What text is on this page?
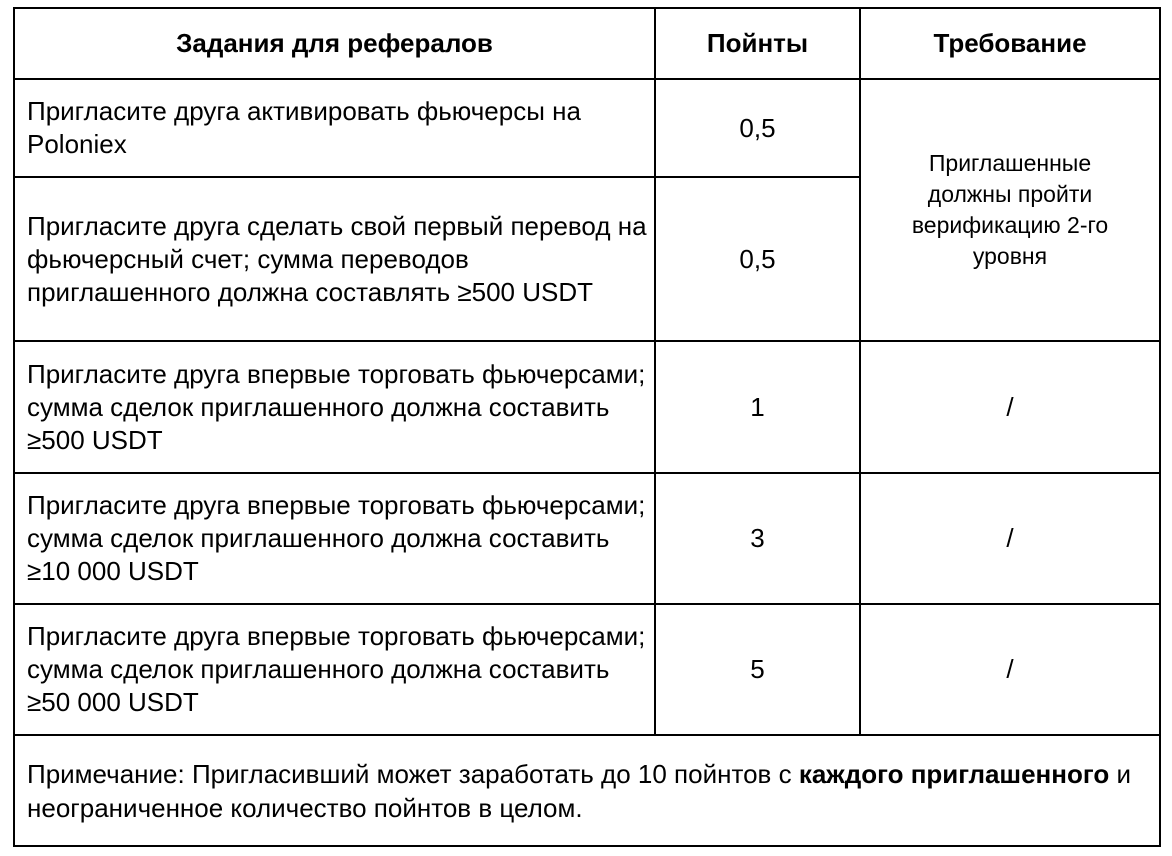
Задания для рефералов	Пойнты	Требование
Пригласите друга активировать фьючерсы на Poloniex	0,5	Приглашенные должны пройти верификацию 2-го уровня

Пригласите друга сделать свой первый перевод на фьючерсный счет; сумма переводов приглашенного должна составлять ≥500 USDT	0,5	
Пригласите друга впервые торговать фьючерсами; сумма сделок приглашенного должна составить ≥500 USDT	1	/
Пригласите друга впервые торговать фьючерсами; сумма сделок приглашенного должна составить ≥10 000 USDT	3	/
Пригласите друга впервые торговать фьючерсами; сумма сделок приглашенного должна составить ≥50 000 USDT	5	/
Примечание: Пригласивший может заработать до 10 пойнтов с каждого приглашенного и неограниченное количество пойнтов в целом.		
